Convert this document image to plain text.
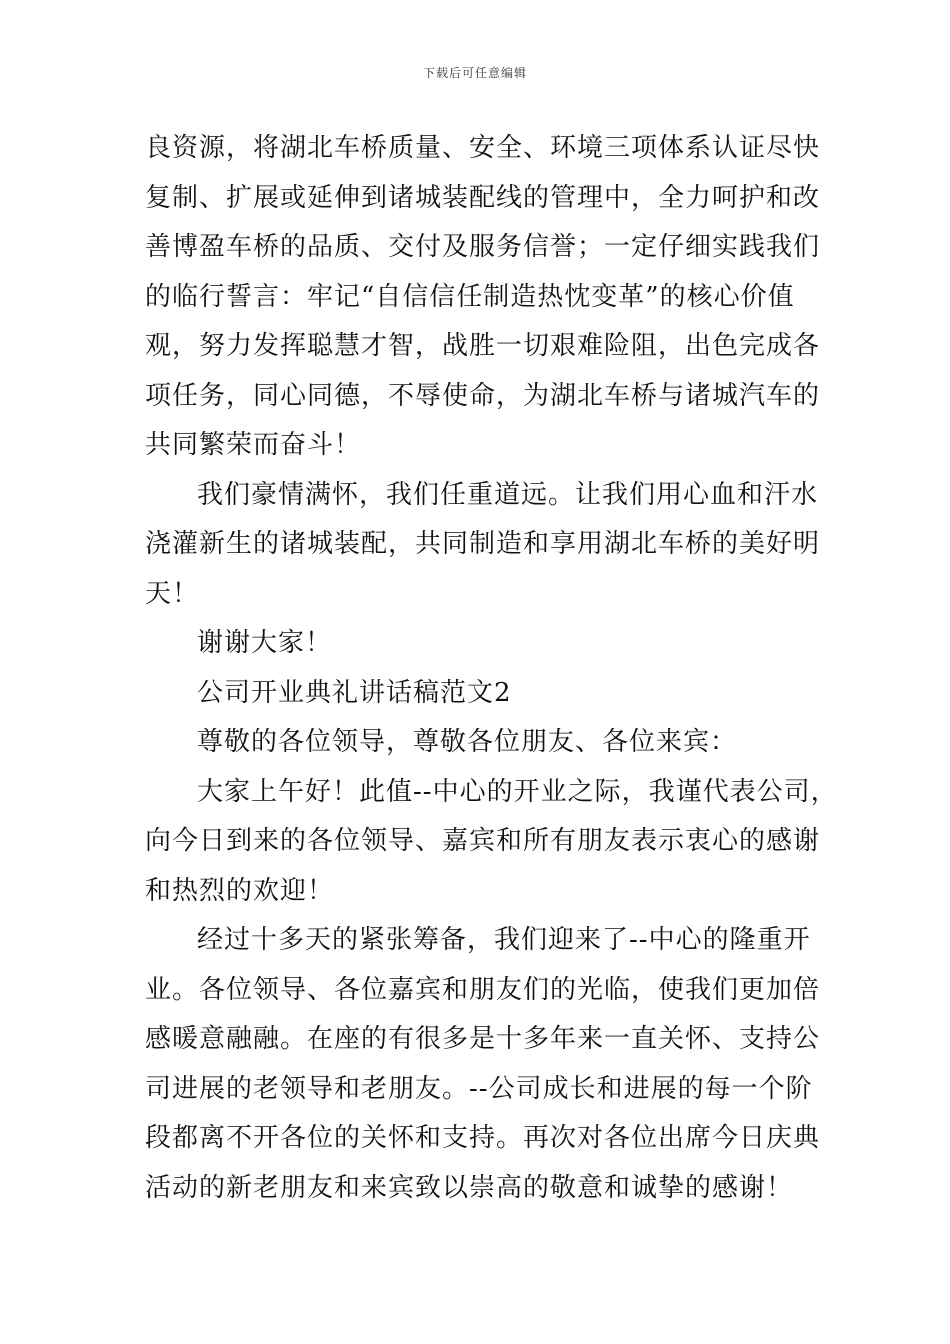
下载后可任意编辑
良资源，将湖北车桥质量、安全、环境三项体系认证尽快
复制、扩展或延伸到诸城装配线的管理中，全力呵护和改
善博盈车桥的品质、交付及服务信誉；一定仔细实践我们
的临行誓言：牢记“自信信任制造热忱变革”的核心价值
观，努力发挥聪慧才智，战胜一切艰难险阻，出色完成各
项任务，同心同德，不辱使命，为湖北车桥与诸城汽车的
共同繁荣而奋斗！
我们豪情满怀，我们任重道远。让我们用心血和汗水
浇灌新生的诸城装配，共同制造和享用湖北车桥的美好明
天！
谢谢大家！
公司开业典礼讲话稿范文2
尊敬的各位领导，尊敬各位朋友、各位来宾：
大家上午好！此值--中心的开业之际，我谨代表公司，
向今日到来的各位领导、嘉宾和所有朋友表示衷心的感谢
和热烈的欢迎！
经过十多天的紧张筹备，我们迎来了--中心的隆重开
业。各位领导、各位嘉宾和朋友们的光临，使我们更加倍
感暖意融融。在座的有很多是十多年来一直关怀、支持公
司进展的老领导和老朋友。--公司成长和进展的每一个阶
段都离不开各位的关怀和支持。再次对各位出席今日庆典
活动的新老朋友和来宾致以崇高的敬意和诚挚的感谢！
